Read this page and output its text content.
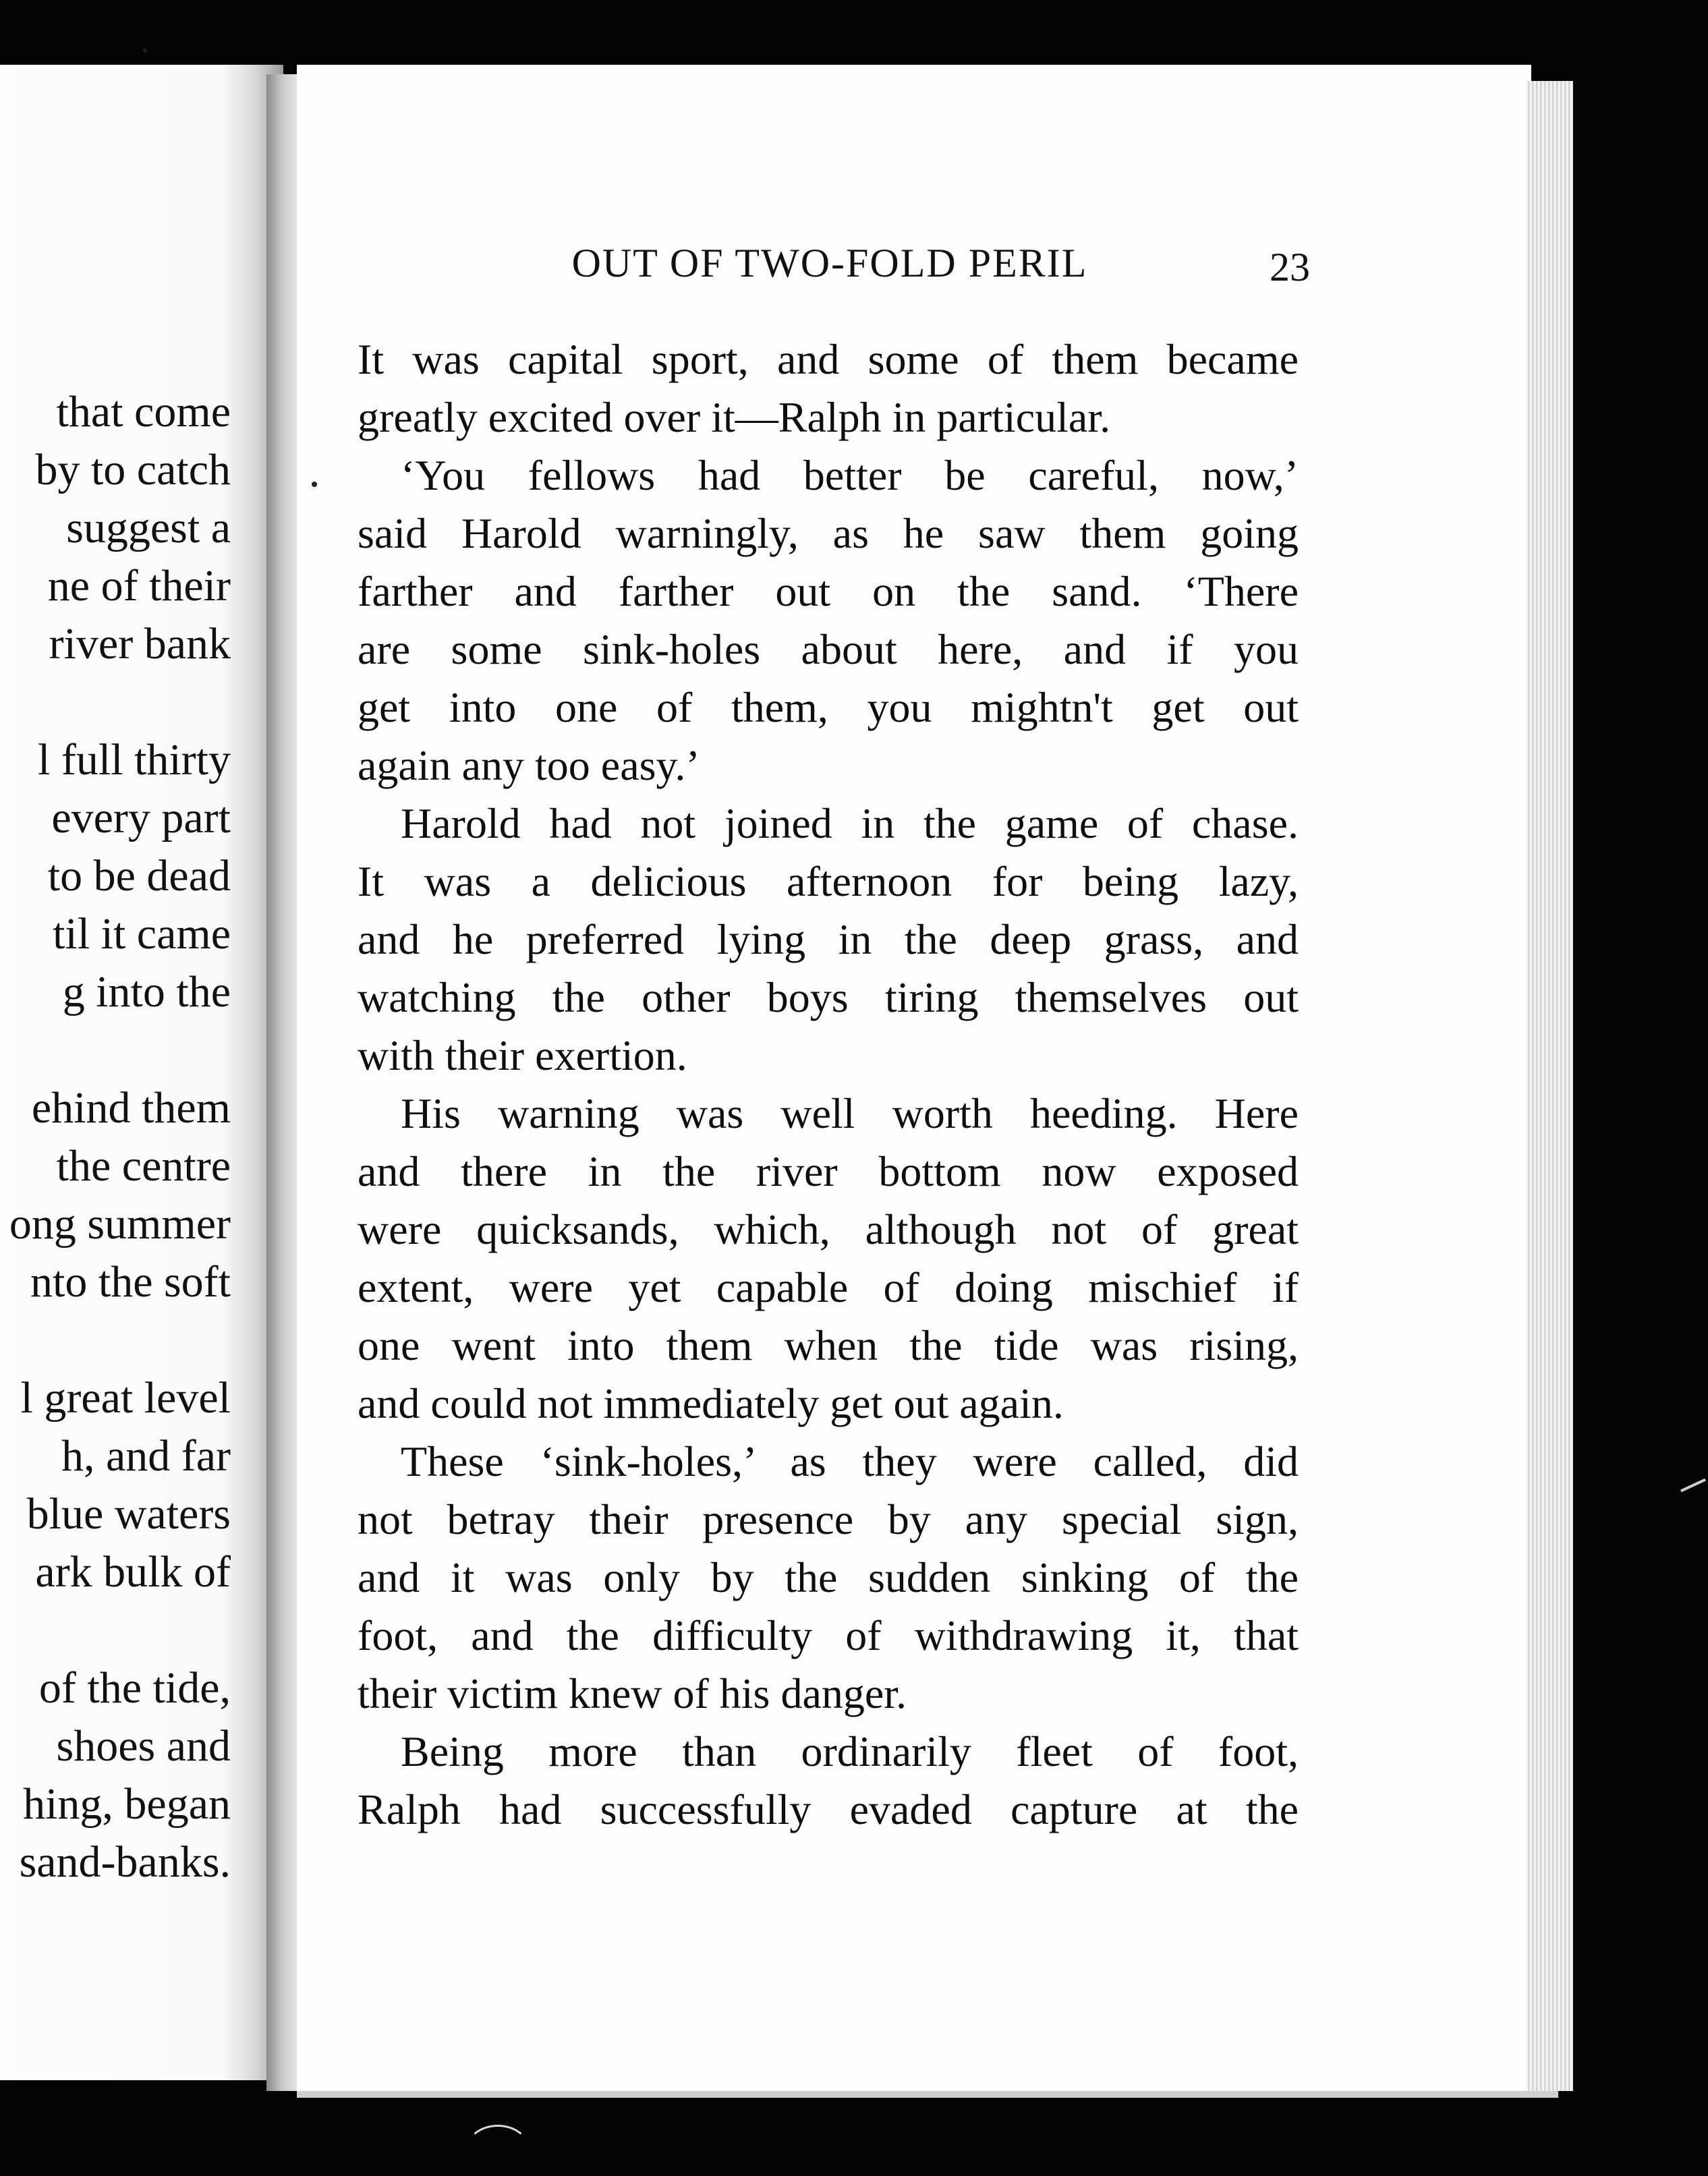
that come
by to catch
suggest a
ne of their
river bank
l full thirty
every part
to be dead
til it came
g into the
ehind them
the centre
ong summer
nto the soft
l great level
h, and far
blue waters
ark bulk of
of the tide,
shoes and
hing, began
sand-banks.
OUT OF TWO-FOLD PERIL	23
It was capital sport, and some of them became
greatly excited over it—Ralph in particular.
‘You fellows had better be careful, now,’
said Harold warningly, as he saw them going
farther and farther out on the sand. ‘There
are some sink-holes about here, and if you
get into one of them, you mightn't get out
again any too easy.’
Harold had not joined in the game of chase.
It was a delicious afternoon for being lazy,
and he preferred lying in the deep grass, and
watching the other boys tiring themselves out
with their exertion.
His warning was well worth heeding. Here
and there in the river bottom now exposed
were quicksands, which, although not of great
extent, were yet capable of doing mischief if
one went into them when the tide was rising,
and could not immediately get out again.
These ‘sink-holes,’ as they were called, did
not betray their presence by any special sign,
and it was only by the sudden sinking of the
foot, and the difficulty of withdrawing it, that
their victim knew of his danger.
Being more than ordinarily fleet of foot,
Ralph had successfully evaded capture at the
